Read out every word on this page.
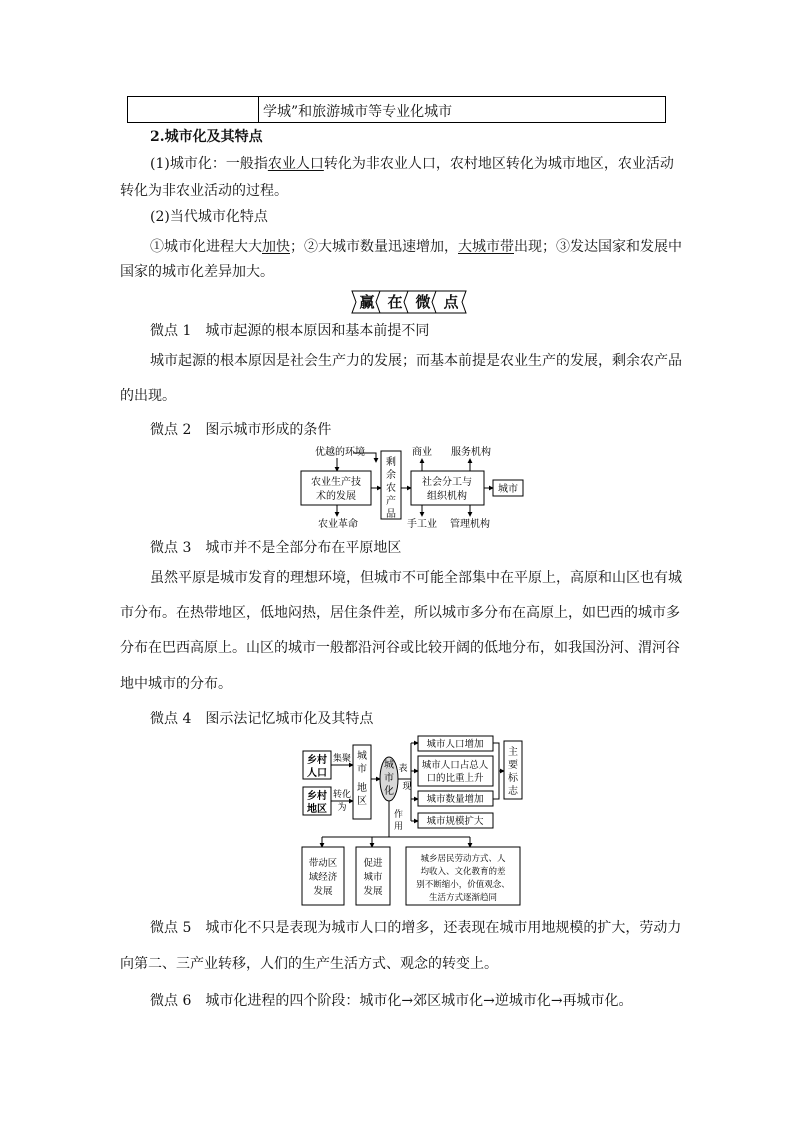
学城”和旅游城市等专业化城市
2.城市化及其特点
(1)城市化：一般指农业人口转化为非农业人口，农村地区转化为城市地区，农业活动
转化为非农业活动的过程。
(2)当代城市化特点
①城市化进程大大加快；②大城市数量迅速增加，大城市带出现；③发达国家和发展中
国家的城市化差异加大。
赢 在 微 点
微点 1　城市起源的根本原因和基本前提不同
城市起源的根本原因是社会生产力的发展；而基本前提是农业生产的发展，剩余农产品
的出现。
微点 2　图示城市形成的条件
优越的环境
农业生产技
术的发展
农业革命
剩
余
农
产
品
商业 服务机构
社会分工与
组织机构
手工业 管理机构
城市
微点 3　城市并不是全部分布在平原地区
虽然平原是城市发育的理想环境，但城市不可能全部集中在平原上，高原和山区也有城
市分布。在热带地区，低地闷热，居住条件差，所以城市多分布在高原上，如巴西的城市多
分布在巴西高原上。山区的城市一般都沿河谷或比较开阔的低地分布，如我国汾河、渭河谷
地中城市的分布。
微点 4　图示法记忆城市化及其特点
乡村
人口
集聚
乡村
地区
转化
为
城
市
地
区
城
市
化
表
现
城市人口增加
城市人口占总人
口的比重上升
城市数量增加
城市规模扩大
主
要
标
志
作
用
带动区
域经济
发展
促进
城市
发展
城乡居民劳动方式、人
均收入、文化教育的差
别不断缩小，价值观念、
生活方式逐渐趋同
微点 5　城市化不只是表现为城市人口的增多，还表现在城市用地规模的扩大，劳动力
向第二、三产业转移，人们的生产生活方式、观念的转变上。
微点 6　城市化进程的四个阶段：城市化→郊区城市化→逆城市化→再城市化。
